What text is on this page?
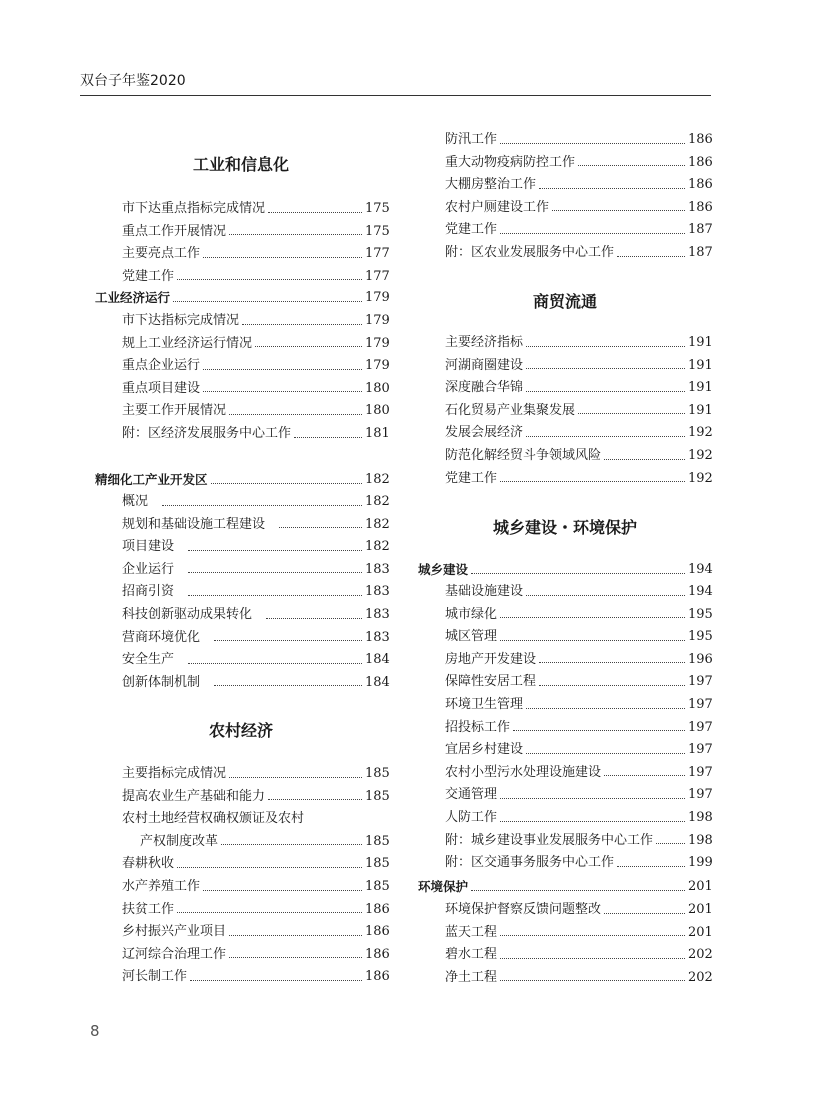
双台子年鉴2020
工业和信息化
市下达重点指标完成情况	175
重点工作开展情况	175
主要亮点工作	177
党建工作	177
工业经济运行	179
市下达指标完成情况	179
规上工业经济运行情况	179
重点企业运行	179
重点项目建设	180
主要工作开展情况	180
附：区经济发展服务中心工作	181
精细化工产业开发区	182
概况	182
规划和基础设施工程建设	182
项目建设	182
企业运行	183
招商引资	183
科技创新驱动成果转化	183
营商环境优化	183
安全生产	184
创新体制机制	184
农村经济
主要指标完成情况	185
提高农业生产基础和能力	185
农村土地经营权确权颁证及农村
产权制度改革	185
春耕秋收	185
水产养殖工作	185
扶贫工作	186
乡村振兴产业项目	186
辽河综合治理工作	186
河长制工作	186
防汛工作	186
重大动物疫病防控工作	186
大棚房整治工作	186
农村户厕建设工作	186
党建工作	187
附：区农业发展服务中心工作	187
商贸流通
主要经济指标	191
河湖商圈建设	191
深度融合华锦	191
石化贸易产业集聚发展	191
发展会展经济	192
防范化解经贸斗争领域风险	192
党建工作	192
城乡建设・环境保护
城乡建设	194
基础设施建设	194
城市绿化	195
城区管理	195
房地产开发建设	196
保障性安居工程	197
环境卫生管理	197
招投标工作	197
宜居乡村建设	197
农村小型污水处理设施建设	197
交通管理	197
人防工作	198
附：城乡建设事业发展服务中心工作	198
附：区交通事务服务中心工作	199
环境保护	201
环境保护督察反馈问题整改	201
蓝天工程	201
碧水工程	202
净土工程	202
8
